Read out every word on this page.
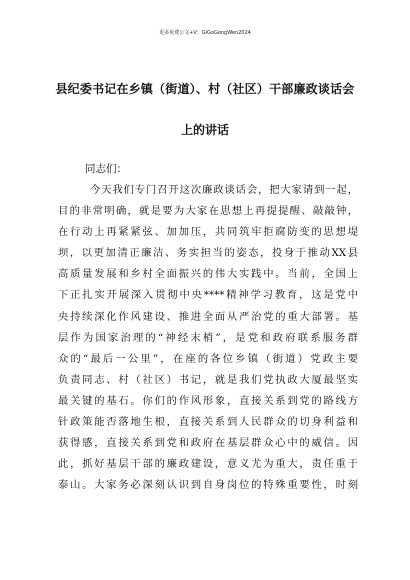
更多免费公文+V：GiGoGongWen2024
县纪委书记在乡镇（街道）、村（社区）干部廉政谈话会
上的讲话
同志们：
今天我们专门召开这次廉政谈话会，把大家请到一起，
目的非常明确，就是要为大家在思想上再提提醒、敲敲钟，
在行动上再紧紧弦、加加压，共同筑牢拒腐防变的思想堤
坝，以更加清正廉洁、务实担当的姿态，投身于推动XX县
高质量发展和乡村全面振兴的伟大实践中。当前，全国上
下正扎实开展深入贯彻中央****精神学习教育，这是党中
央持续深化作风建设、推进全面从严治党的重大部署。基
层作为国家治理的“神经末梢”，是党和政府联系服务群
众的“最后一公里”，在座的各位乡镇（街道）党政主要
负责同志、村（社区）书记，就是我们党执政大厦最坚实
最关键的基石。你们的作风形象，直接关系到党的路线方
针政策能否落地生根，直接关系到人民群众的切身利益和
获得感，直接关系到党和政府在基层群众心中的威信。因
此，抓好基层干部的廉政建设，意义尤为重大，责任重于
泰山。大家务必深刻认识到自身岗位的特殊重要性，时刻
